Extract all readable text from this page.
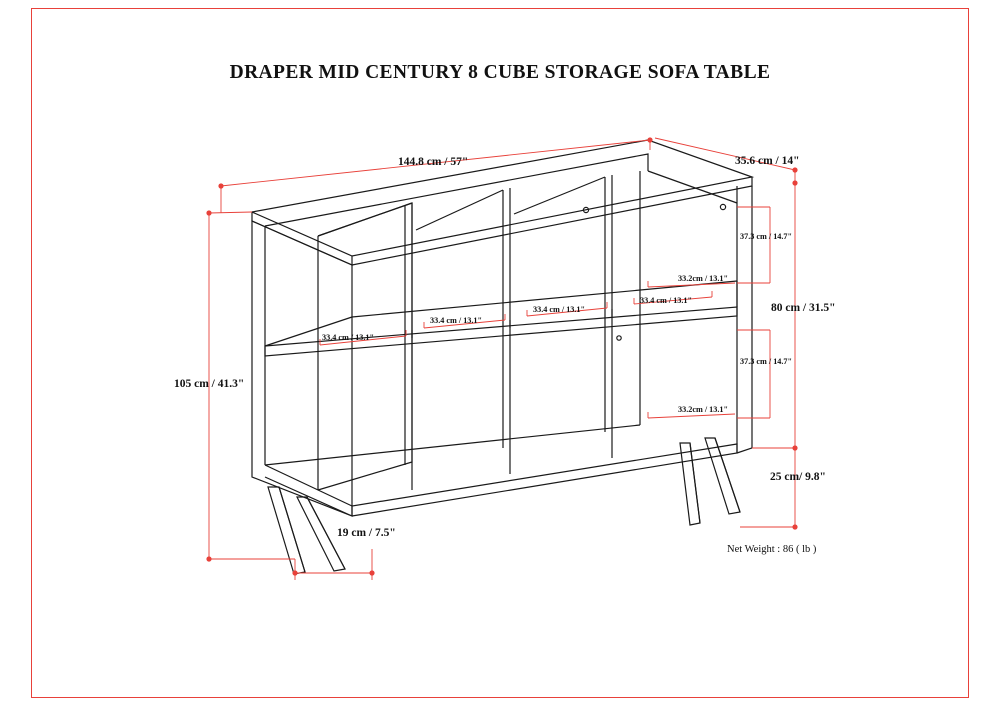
DRAPER MID CENTURY 8 CUBE STORAGE SOFA TABLE
144.8 cm / 57"	35.6 cm / 14"
105 cm / 41.3"
80 cm / 31.5"
25 cm/ 9.8"
19 cm / 7.5"
37.3 cm / 14.7"
37.3 cm / 14.7"
33.2cm / 13.1"
33.2cm / 13.1"
33.4 cm / 13.1"
33.4 cm / 13.1"
33.4 cm / 13.1"
33.4 cm / 13.1"
Net Weight : 86 ( lb )
